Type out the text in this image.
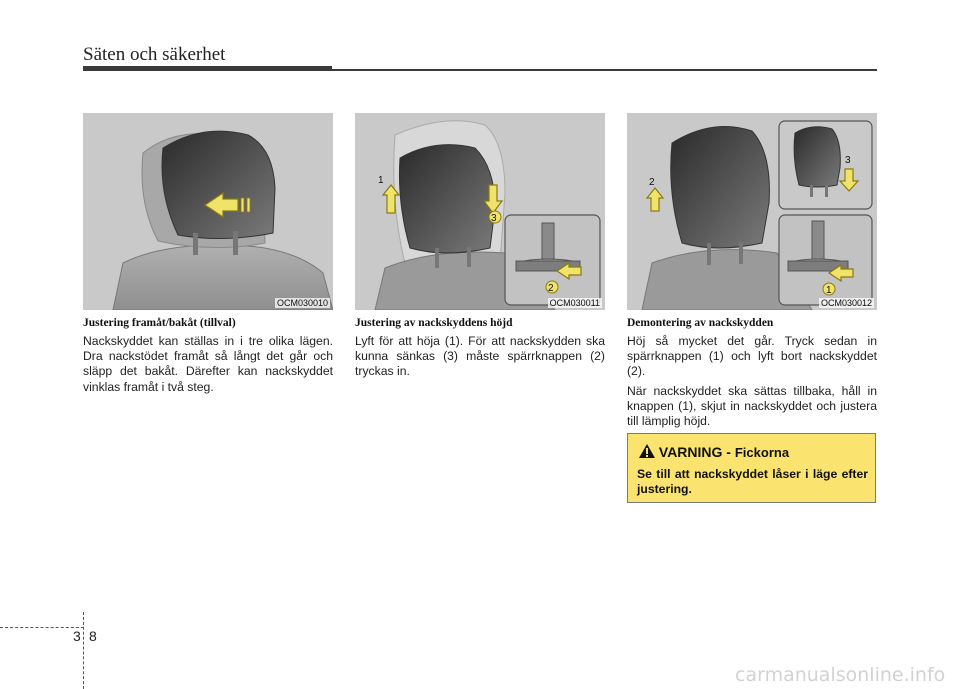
Säten och säkerhet
OCM030010
1
3
2
OCM030011
2
3
1
OCM030012
Justering framåt/bakåt (tillval)

Nackskyddet kan ställas in i tre olika lägen. Dra nackstödet framåt så långt det går och släpp det bakåt. Därefter kan nackskyddet vinklas framåt i två steg.

Justering av nackskyddens höjd

Lyft för att höja (1). För att nackskydden ska kunna sänkas (3) måste spärrknappen (2) tryckas in.

Demontering av nackskydden

Höj så mycket det går. Tryck sedan in spärrknappen (1) och lyft bort nackskyddet (2).

När nackskyddet ska sättas tillbaka, håll in knappen (1), skjut in nackskyddet och justera till lämplig höjd.

VARNING - Fickorna
Se till att nackskyddet låser i läge efter justering.
3 8
carmanualsonline.info
